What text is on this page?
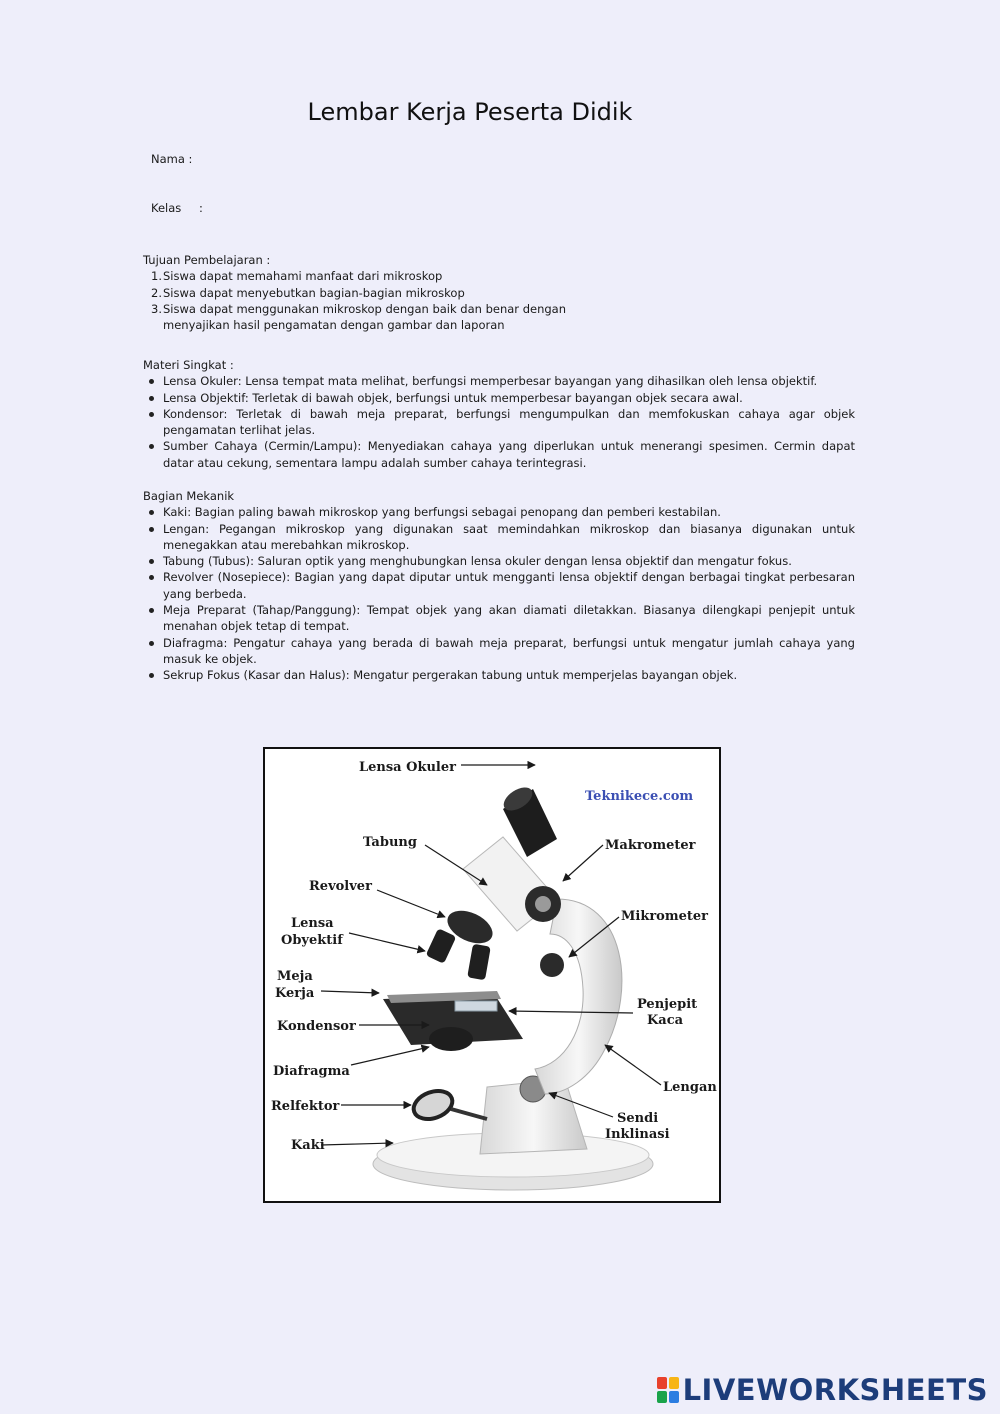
Lembar Kerja Peserta Didik
Nama :
Kelas :
Tujuan Pembelajaran :
1. Siswa dapat memahami manfaat dari mikroskop
2. Siswa dapat menyebutkan bagian-bagian mikroskop
3. Siswa dapat menggunakan mikroskop dengan baik dan benar dengan menyajikan hasil pengamatan dengan gambar dan laporan
Materi Singkat :
Lensa Okuler: Lensa tempat mata melihat, berfungsi memperbesar bayangan yang dihasilkan oleh lensa objektif.
Lensa Objektif: Terletak di bawah objek, berfungsi untuk memperbesar bayangan objek secara awal.
Kondensor: Terletak di bawah meja preparat, berfungsi mengumpulkan dan memfokuskan cahaya agar objek pengamatan terlihat jelas.
Sumber Cahaya (Cermin/Lampu): Menyediakan cahaya yang diperlukan untuk menerangi spesimen. Cermin dapat datar atau cekung, sementara lampu adalah sumber cahaya terintegrasi.
Bagian Mekanik
Kaki: Bagian paling bawah mikroskop yang berfungsi sebagai penopang dan pemberi kestabilan.
Lengan: Pegangan mikroskop yang digunakan saat memindahkan mikroskop dan biasanya digunakan untuk menegakkan atau merebahkan mikroskop.
Tabung (Tubus): Saluran optik yang menghubungkan lensa okuler dengan lensa objektif dan mengatur fokus.
Revolver (Nosepiece): Bagian yang dapat diputar untuk mengganti lensa objektif dengan berbagai tingkat perbesaran yang berbeda.
Meja Preparat (Tahap/Panggung): Tempat objek yang akan diamati diletakkan. Biasanya dilengkapi penjepit untuk menahan objek tetap di tempat.
Diafragma: Pengatur cahaya yang berada di bawah meja preparat, berfungsi untuk mengatur jumlah cahaya yang masuk ke objek.
Sekrup Fokus (Kasar dan Halus): Mengatur pergerakan tabung untuk memperjelas bayangan objek.
Teknikece.com
Lensa Okuler
Tabung
Revolver
Lensa
Obyektif
Meja
Kerja
Kondensor
Diafragma
Relfektor
Kaki
Makrometer
Mikrometer
Penjepit
Kaca
Lengan
Sendi
Inklinasi
LIVEWORKSHEETS
